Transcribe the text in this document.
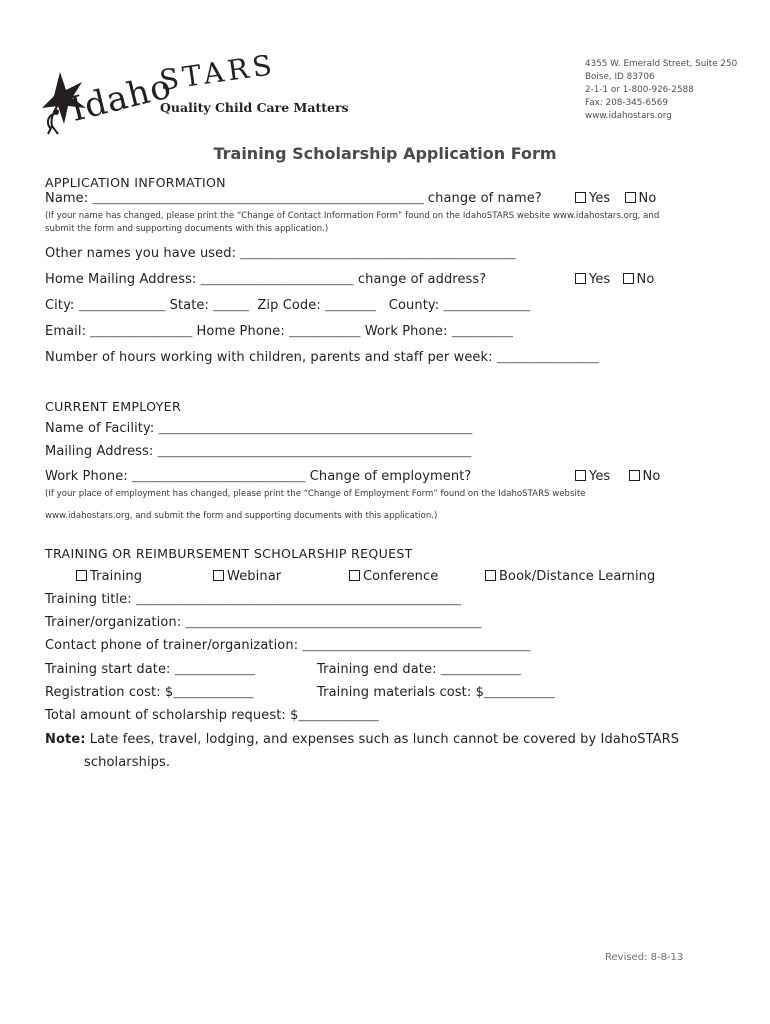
Idaho
STARS
Quality Child Care Matters
4355 W. Emerald Street, Suite 250
Boise, ID 83706
2-1-1 or 1-800-926-2588
Fax: 208-345-6569
www.idahostars.org
Training Scholarship Application Form
APPLICATION INFORMATION
Name: _____________________________________________________________________ change of name?	Yes No
(If your name has changed, please print the “Change of Contact Information Form” found on the IdahoSTARS website www.idahostars.org, and
submit the form and supporting documents with this application.)
Other names you have used: ______________________________________________________
Home Mailing Address: ______________________________ change of address?	Yes No
City: _________________ State: _______ Zip Code: __________ County: _________________
Email: ____________________ Home Phone: ______________ Work Phone: ____________
Number of hours working with children, parents and staff per week: ____________________
CURRENT EMPLOYER
Name of Facility: ________________________________________________________________
Mailing Address: ________________________________________________________________
Work Phone: __________________________________ Change of employment?	Yes No
(If your place of employment has changed, please print the “Change of Employment Form” found on the IdahoSTARS website
www.idahostars.org, and submit the form and supporting documents with this application.)
TRAINING OR REIMBURSEMENT SCHOLARSHIP REQUEST
Training	Webinar	Conference	Book/Distance Learning
Training title: ___________________________________________________________________
Trainer/organization: _____________________________________________________________
Contact phone of trainer/organization: _______________________________________________
Training start date: _________________	Training end date: _________________
Registration cost: $_________________	Training materials cost: $_______________
Total amount of scholarship request: $_________________
Note: Late fees, travel, lodging, and expenses such as lunch cannot be covered by IdahoSTARS
scholarships.
Revised: 8-8-13
